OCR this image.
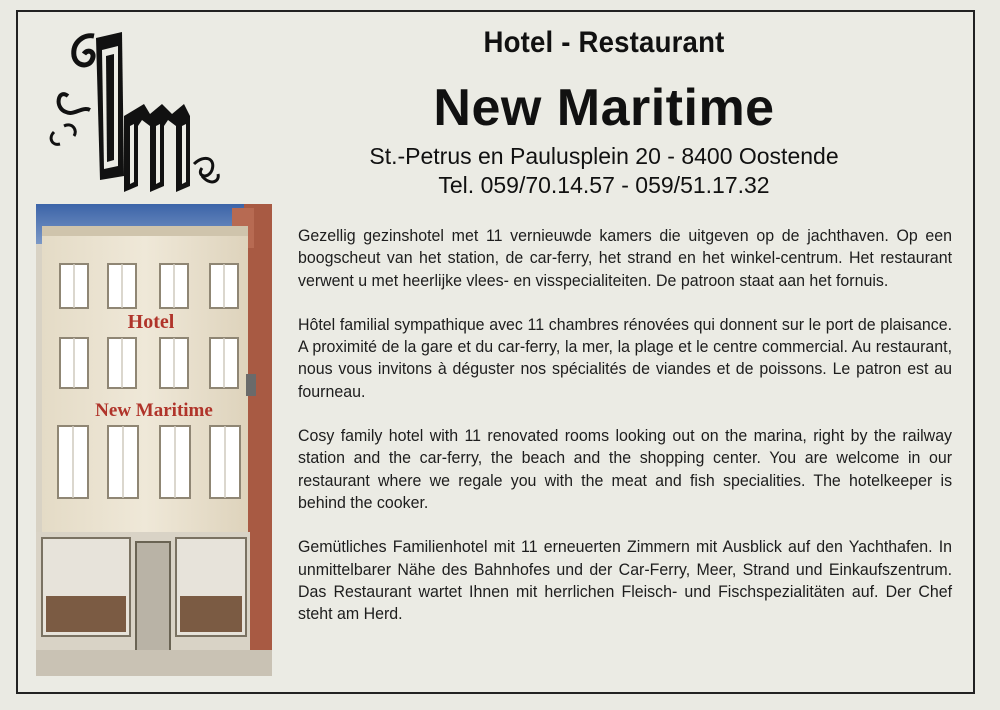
Hotel - Restaurant
New Maritime
St.-Petrus en Paulusplein 20 - 8400 Oostende
Tel. 059/70.14.57 - 059/51.17.32
Hotel
New Maritime

Gezellig gezinshotel met 11 vernieuwde kamers die uitgeven op de jachthaven. Op een boogscheut van het station, de car-ferry, het strand en het winkel-centrum. Het restaurant verwent u met heerlijke vlees- en visspecialiteiten. De patroon staat aan het fornuis.

Hôtel familial sympathique avec 11 chambres rénovées qui donnent sur le port de plaisance. A proximité de la gare et du car-ferry, la mer, la plage et le centre commercial. Au restaurant, nous vous invitons à déguster nos spécialités de viandes et de poissons. Le patron est au fourneau.

Cosy family hotel with 11 renovated rooms looking out on the marina, right by the railway station and the car-ferry, the beach and the shopping center. You are welcome in our restaurant where we regale you with the meat and fish specialities. The hotelkeeper is behind the cooker.

Gemütliches Familienhotel mit 11 erneuerten Zimmern mit Ausblick auf den Yachthafen. In unmittelbarer Nähe des Bahnhofes und der Car-Ferry, Meer, Strand und Einkaufszentrum. Das Restaurant wartet Ihnen mit herrlichen Fleisch- und Fischspezialitäten auf. Der Chef steht am Herd.
